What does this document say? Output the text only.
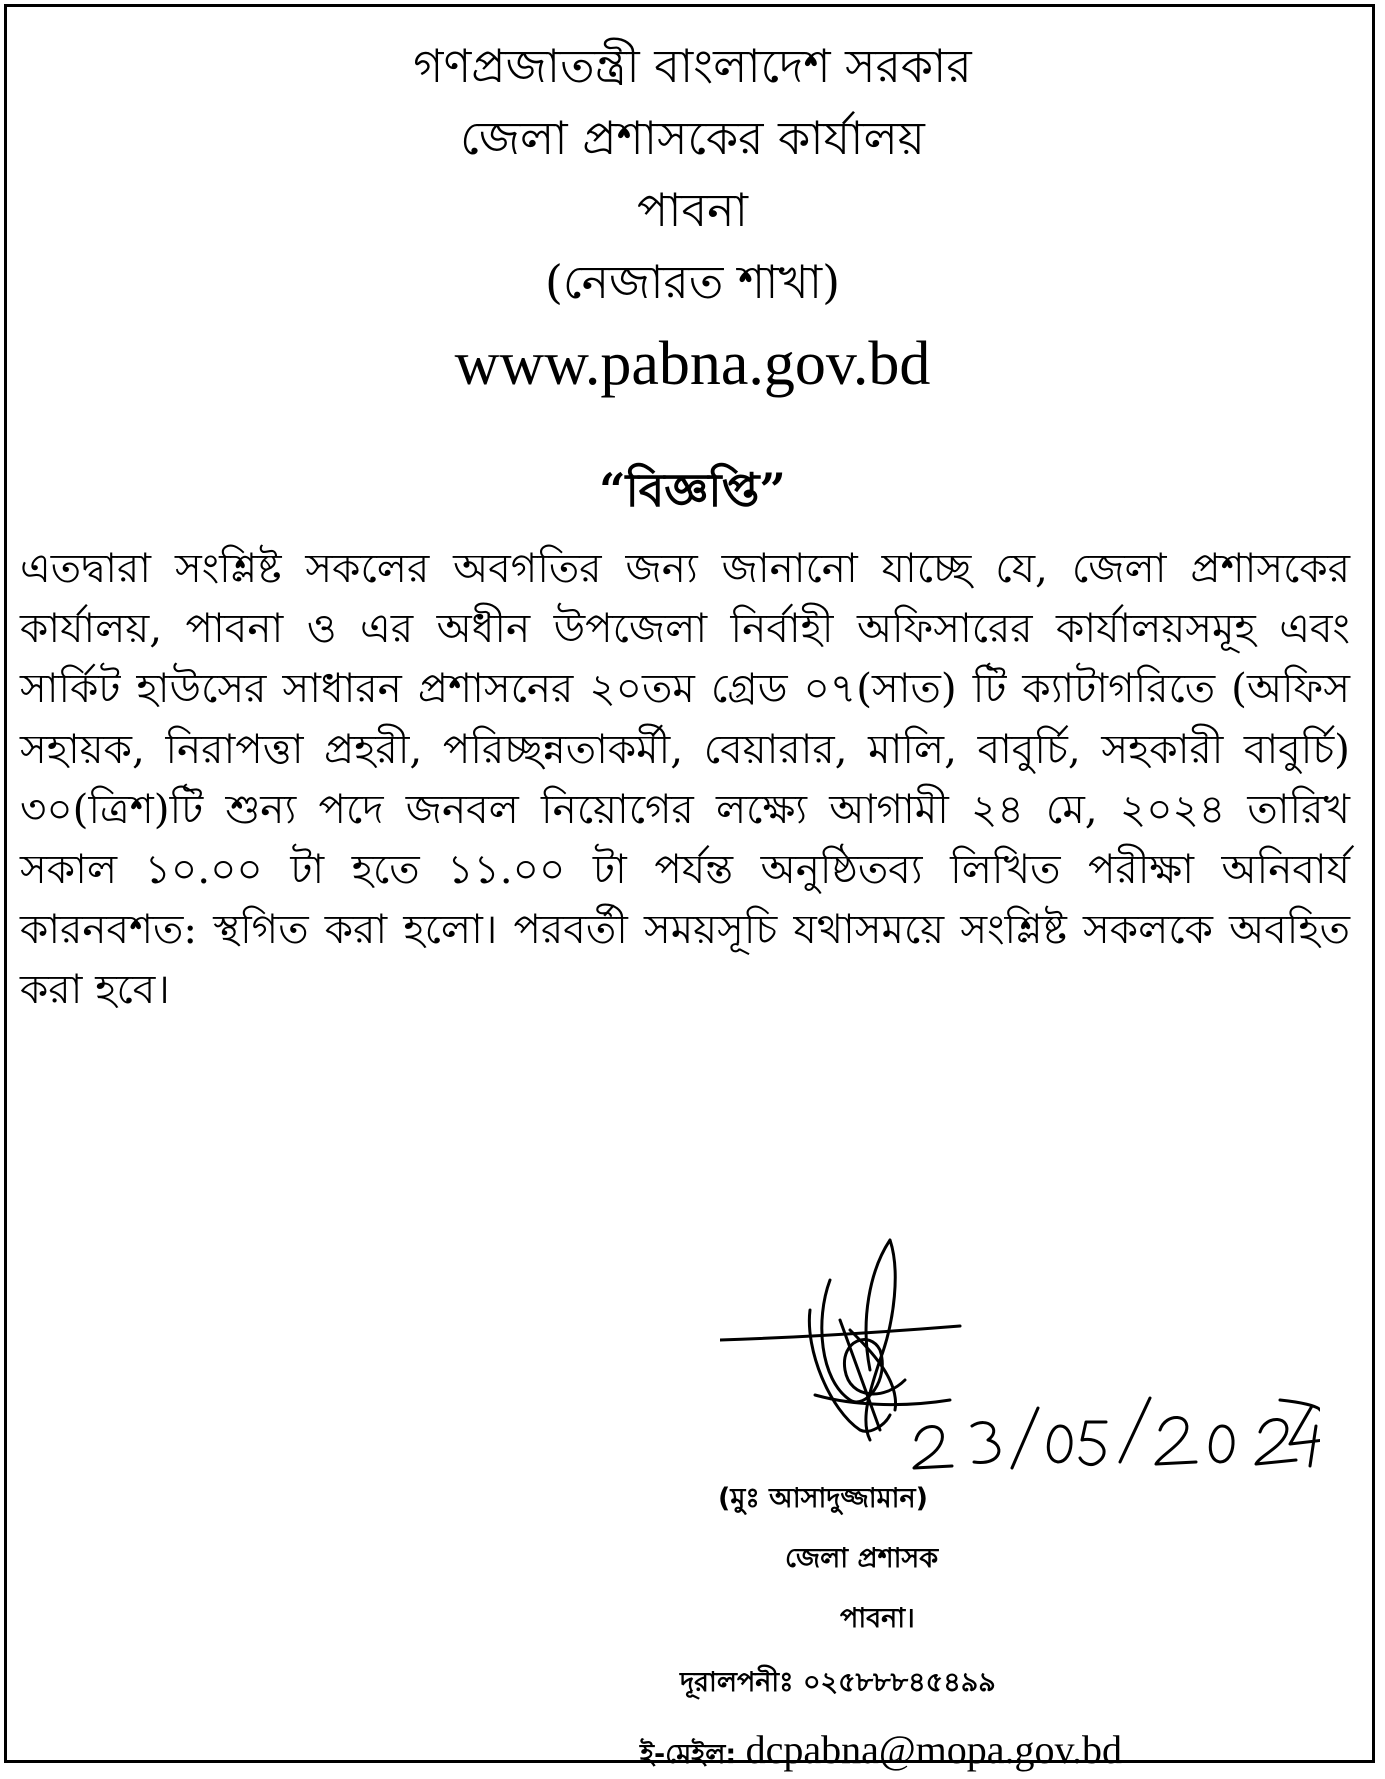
গণপ্রজাতন্ত্রী বাংলাদেশ সরকার
জেলা প্রশাসকের কার্যালয়
পাবনা
(নেজারত শাখা)
www.pabna.gov.bd
“বিজ্ঞপ্তি”
এতদ্বারা সংশ্লিষ্ট সকলের অবগতির জন্য জানানো যাচ্ছে যে, জেলা প্রশাসকের কার্যালয়, পাবনা ও এর অধীন উপজেলা নির্বাহী অফিসারের কার্যালয়সমূহ এবং সার্কিট হাউসের সাধারন প্রশাসনের ২০তম গ্রেড ০৭(সাত) টি ক্যাটাগরিতে (অফিস সহায়ক, নিরাপত্তা প্রহরী, পরিচ্ছন্নতাকর্মী, বেয়ারার, মালি, বাবুর্চি, সহকারী বাবুর্চি) ৩০(ত্রিশ)টি শুন্য পদে জনবল নিয়োগের লক্ষ্যে আগামী ২৪ মে, ২০২৪ তারিখ সকাল ১০.০০ টা হতে ১১.০০ টা পর্যন্ত অনুষ্ঠিতব্য লিখিত পরীক্ষা অনিবার্য কারনবশত: স্থগিত করা হলো। পরবর্তী সময়সূচি যথাসময়ে সংশ্লিষ্ট সকলকে অবহিত করা হবে।
(মুঃ আসাদুজ্জামান)
জেলা প্রশাসক
পাবনা।
দূরালপনীঃ ০২৫৮৮৮৪৫৪৯৯
ই-মেইল: dcpabna@mopa.gov.bd
